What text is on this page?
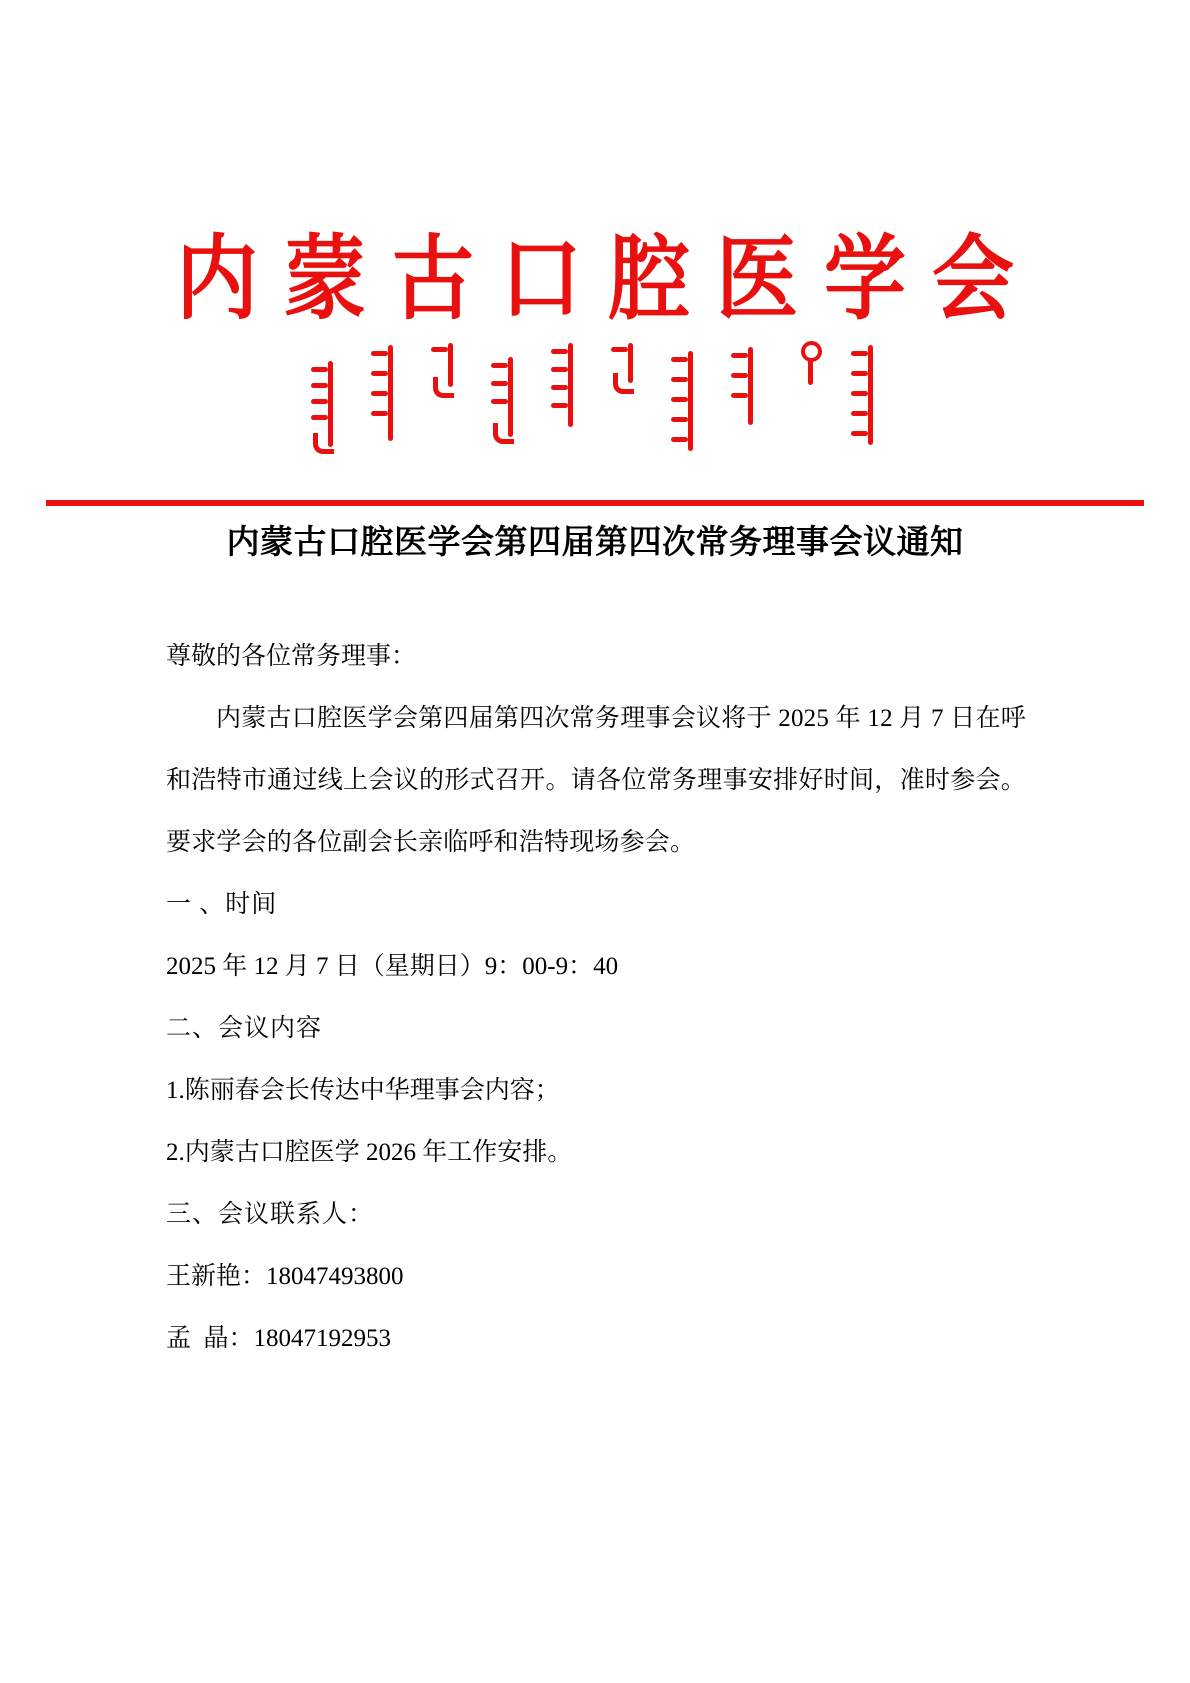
内蒙古口腔医学会
内蒙古口腔医学会第四届第四次常务理事会议通知
尊敬的各位常务理事：
内蒙古口腔医学会第四届第四次常务理事会议将于 2025 年 12 月 7 日在呼和浩特市通过线上会议的形式召开。请各位常务理事安排好时间，准时参会。要求学会的各位副会长亲临呼和浩特现场参会。
一 、时间
2025 年 12 月 7 日（星期日）9：00-9：40
二、会议内容
1.陈丽春会长传达中华理事会内容；
2.内蒙古口腔医学 2026 年工作安排。
三、会议联系人：
王新艳：18047493800
孟  晶：18047192953
